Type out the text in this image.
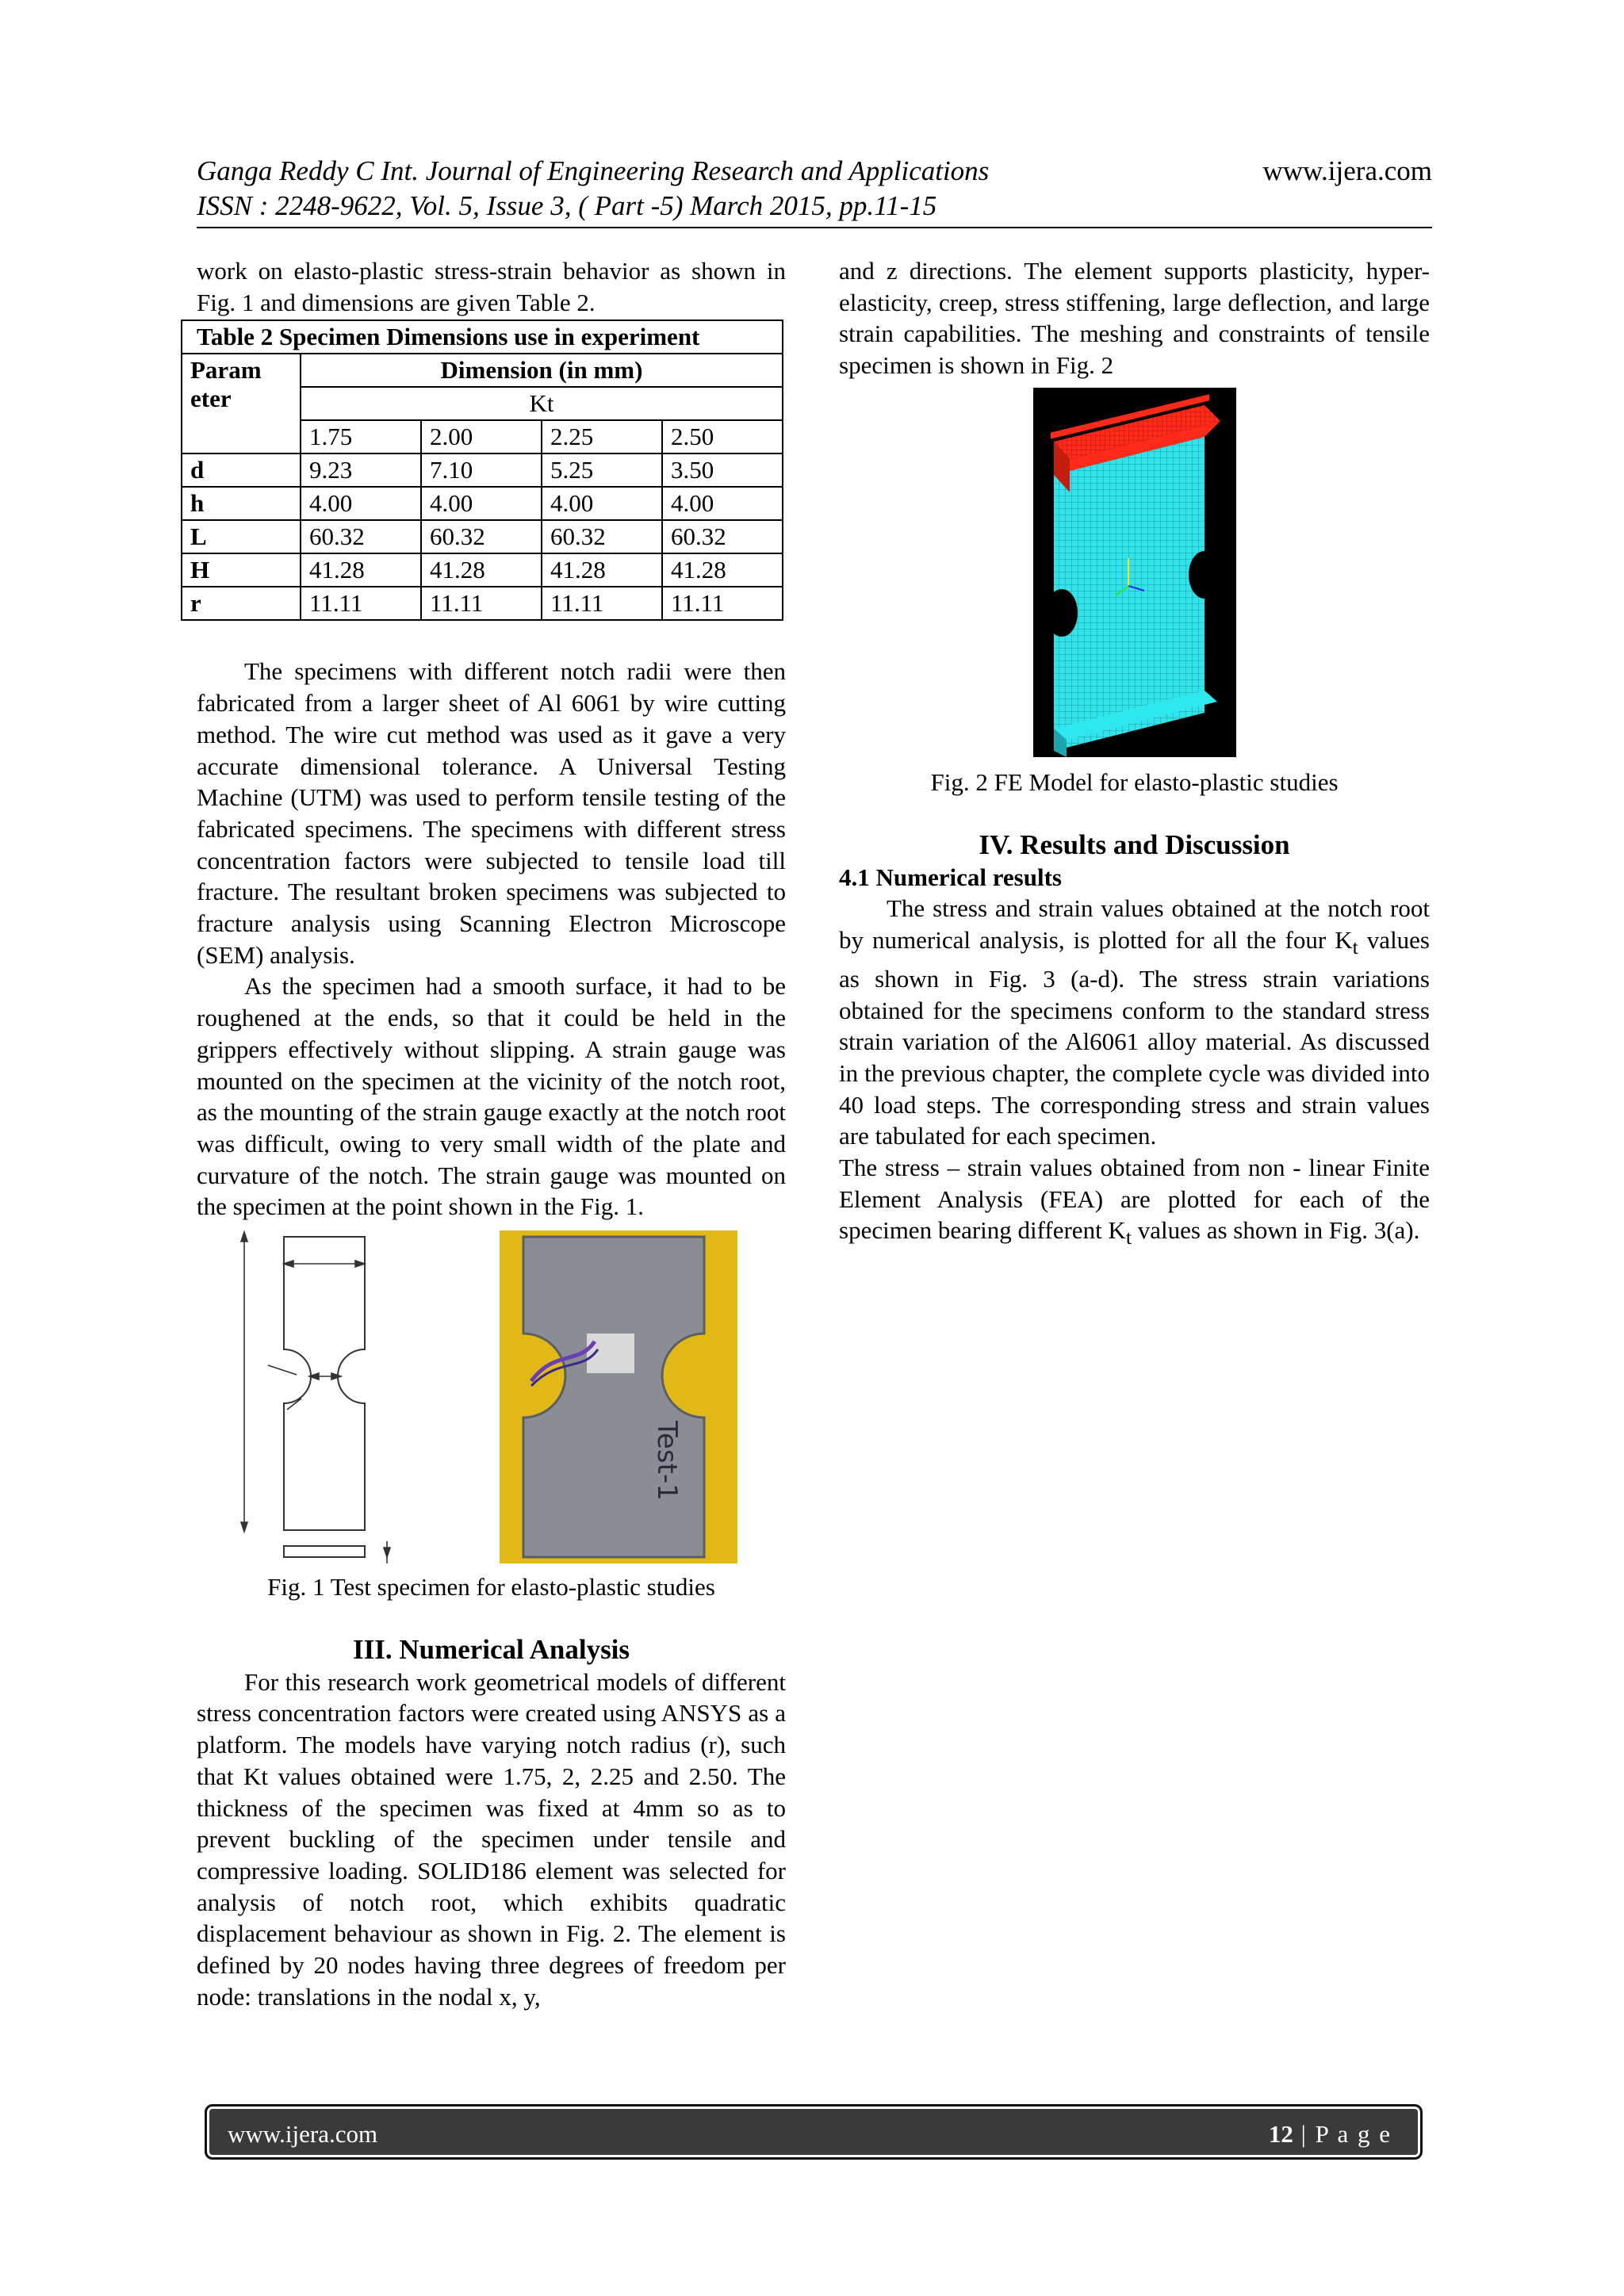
Ganga Reddy C Int. Journal of Engineering Research and Applications	www.ijera.com
ISSN : 2248-9622, Vol. 5, Issue 3, ( Part -5) March 2015, pp.11-15

work on elasto-plastic stress-strain behavior as shown in Fig. 1 and dimensions are given Table 2.

Table 2 Specimen Dimensions use in experiment				
Param eter	Dimension (in mm)			
	Kt			
	1.75	2.00	2.25	2.50
d	9.23	7.10	5.25	3.50
h	4.00	4.00	4.00	4.00
L	60.32	60.32	60.32	60.32
H	41.28	41.28	41.28	41.28
r	11.11	11.11	11.11	11.11

The specimens with different notch radii were then fabricated from a larger sheet of Al 6061 by wire cutting method. The wire cut method was used as it gave a very accurate dimensional tolerance. A Universal Testing Machine (UTM) was used to perform tensile testing of the fabricated specimens. The specimens with different stress concentration factors were subjected to tensile load till fracture. The resultant broken specimens was subjected to fracture analysis using Scanning Electron Microscope (SEM) analysis.

As the specimen had a smooth surface, it had to be roughened at the ends, so that it could be held in the grippers effectively without slipping. A strain gauge was mounted on the specimen at the vicinity of the notch root, as the mounting of the strain gauge exactly at the notch root was difficult, owing to very small width of the plate and curvature of the notch. The strain gauge was mounted on the specimen at the point shown in the Fig. 1.

Test-1

Fig. 1 Test specimen for elasto-plastic studies

III. Numerical Analysis

For this research work geometrical models of different stress concentration factors were created using ANSYS as a platform. The models have varying notch radius (r), such that Kt values obtained were 1.75, 2, 2.25 and 2.50. The thickness of the specimen was fixed at 4mm so as to prevent buckling of the specimen under tensile and compressive loading. SOLID186 element was selected for analysis of notch root, which exhibits quadratic displacement behaviour as shown in Fig. 2. The element is defined by 20 nodes having three degrees of freedom per node: translations in the nodal x, y,

and z directions. The element supports plasticity, hyper-elasticity, creep, stress stiffening, large deflection, and large strain capabilities. The meshing and constraints of tensile specimen is shown in Fig. 2

Fig. 2 FE Model for elasto-plastic studies

IV. Results and Discussion

4.1 Numerical results

The stress and strain values obtained at the notch root by numerical analysis, is plotted for all the four $K_t$ values as shown in Fig. 3 (a-d). The stress strain variations obtained for the specimens conform to the standard stress strain variation of the Al6061 alloy material. As discussed in the previous chapter, the complete cycle was divided into 40 load steps. The corresponding stress and strain values are tabulated for each specimen.

The stress – strain values obtained from non - linear Finite Element Analysis (FEA) are plotted for each of the specimen bearing different $K_t$ values as shown in Fig. 3(a).

www.ijera.com	12 | P a g e
